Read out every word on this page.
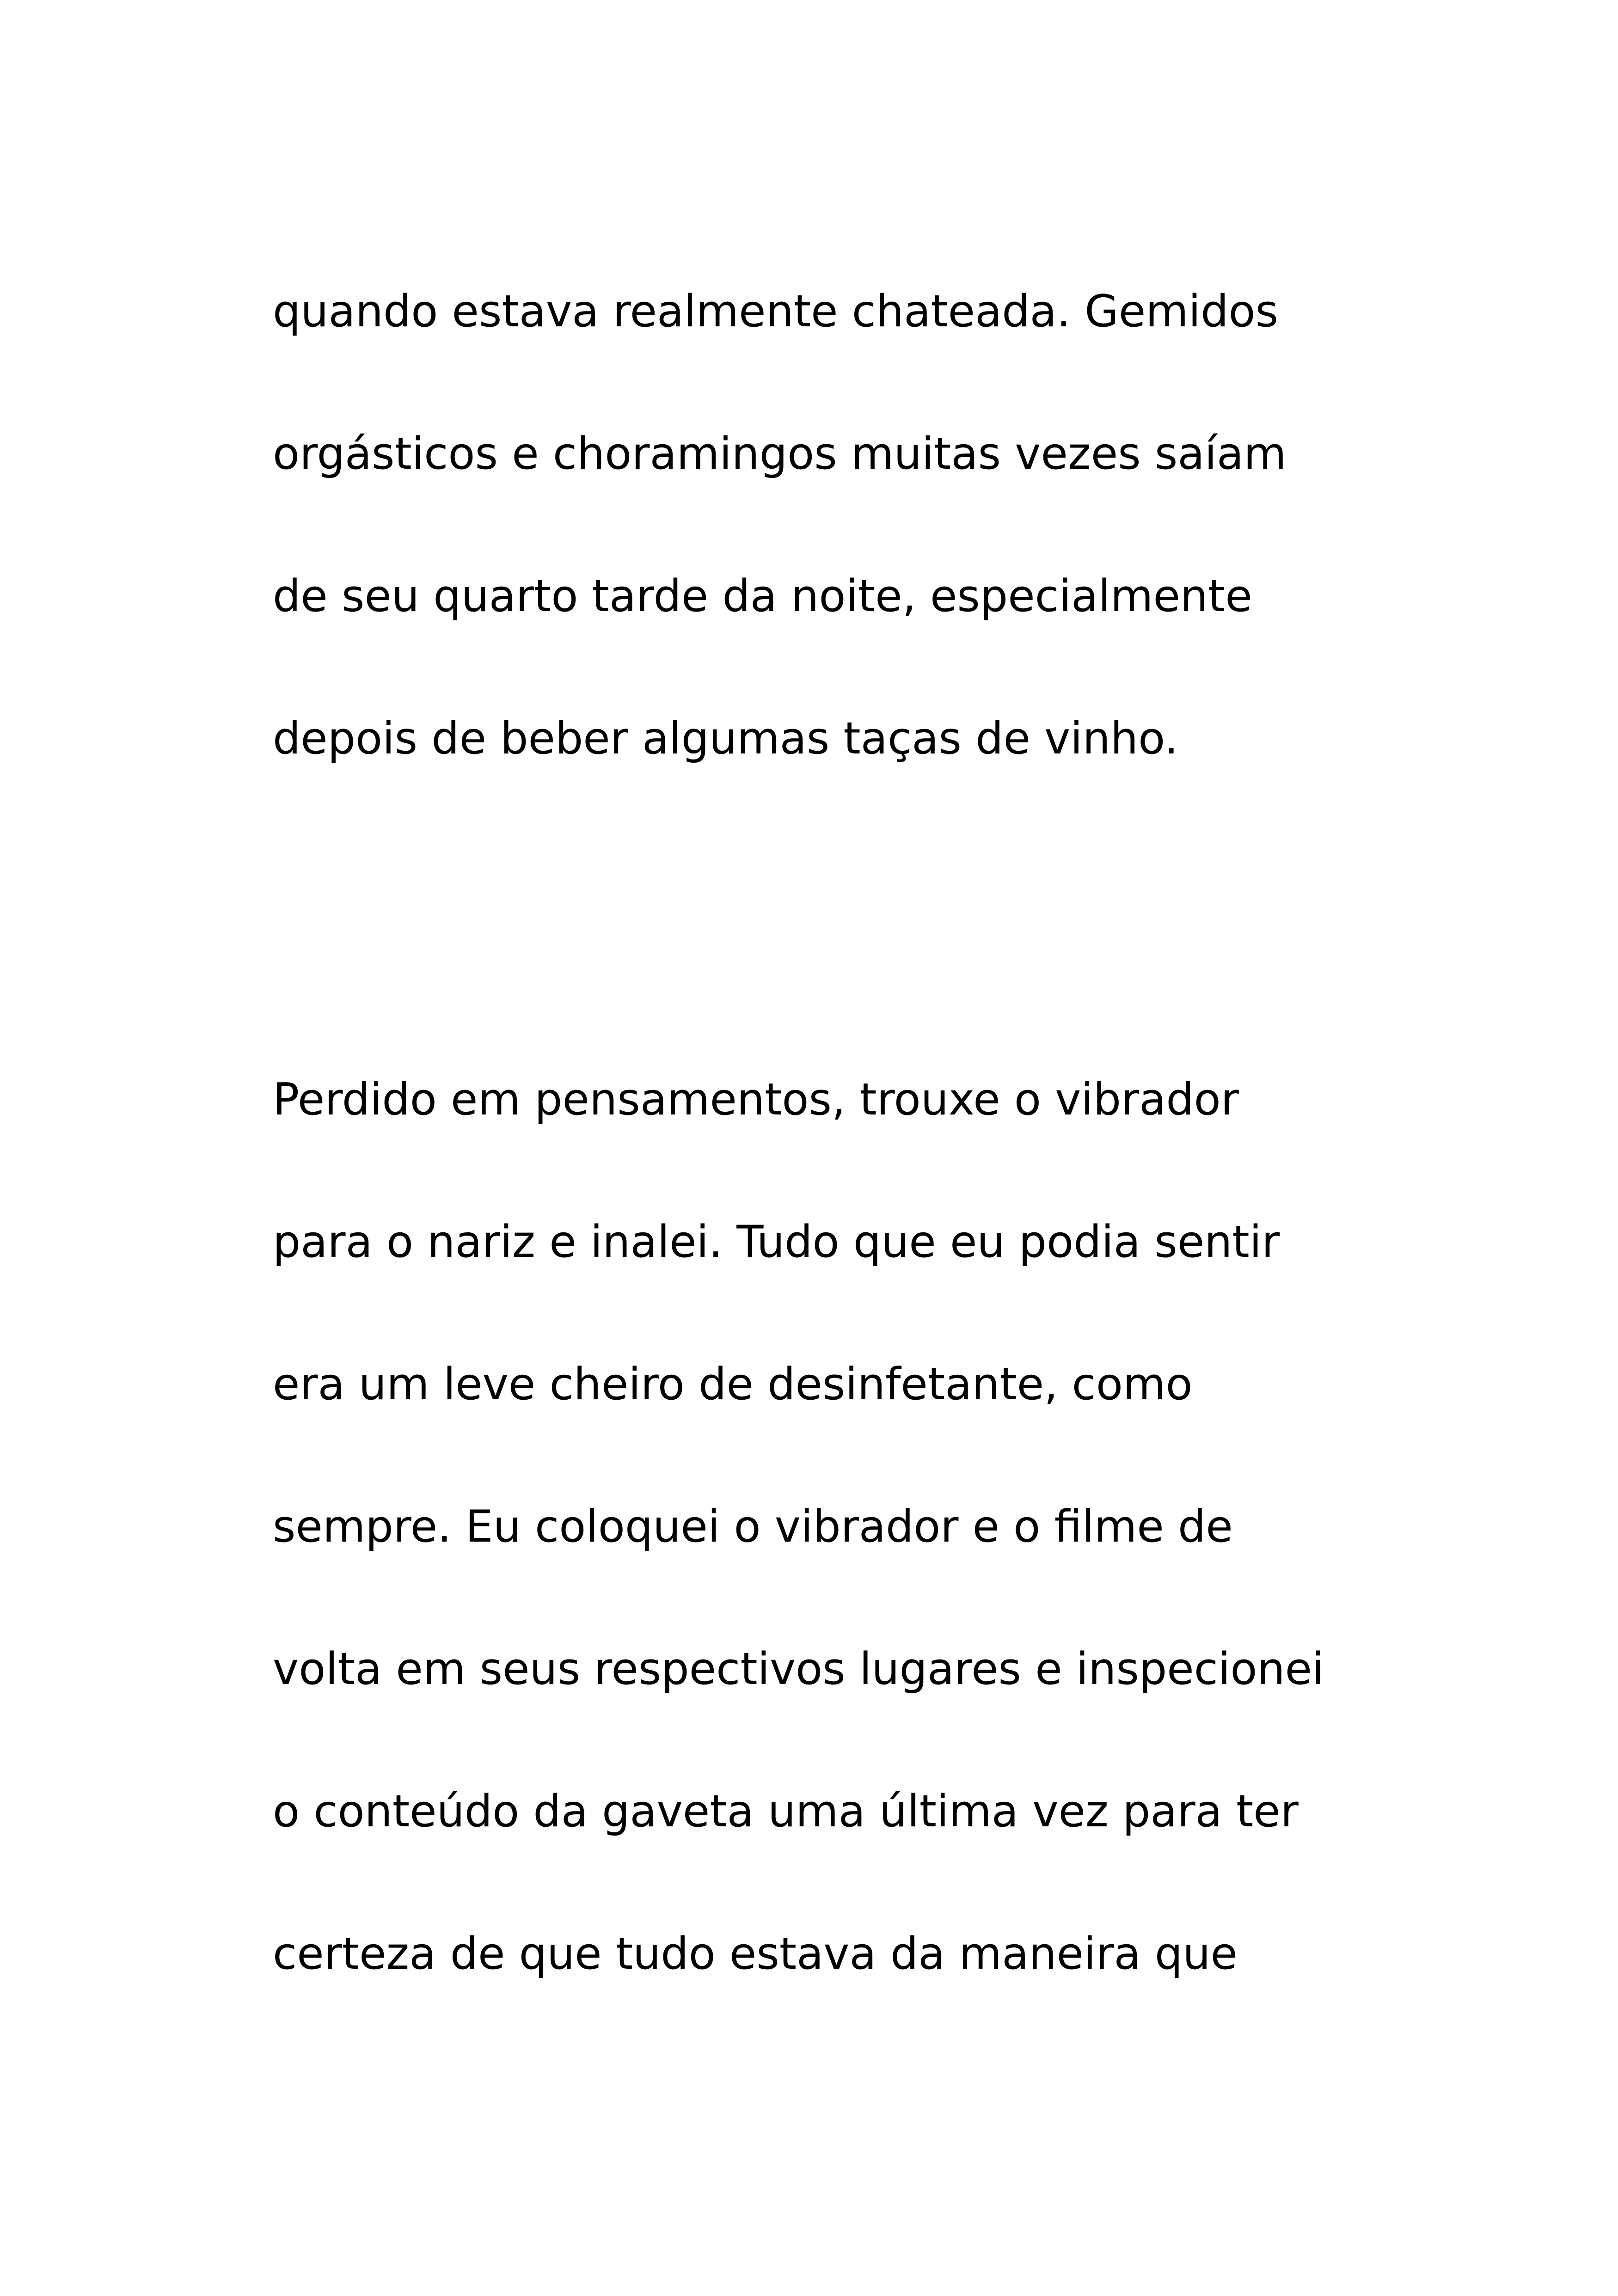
quando estava realmente chateada. Gemidos
orgásticos e choramingos muitas vezes saíam
de seu quarto tarde da noite, especialmente
depois de beber algumas taças de vinho.

Perdido em pensamentos, trouxe o vibrador
para o nariz e inalei. Tudo que eu podia sentir
era um leve cheiro de desinfetante, como
sempre. Eu coloquei o vibrador e o filme de
volta em seus respectivos lugares e inspecionei
o conteúdo da gaveta uma última vez para ter
certeza de que tudo estava da maneira que
